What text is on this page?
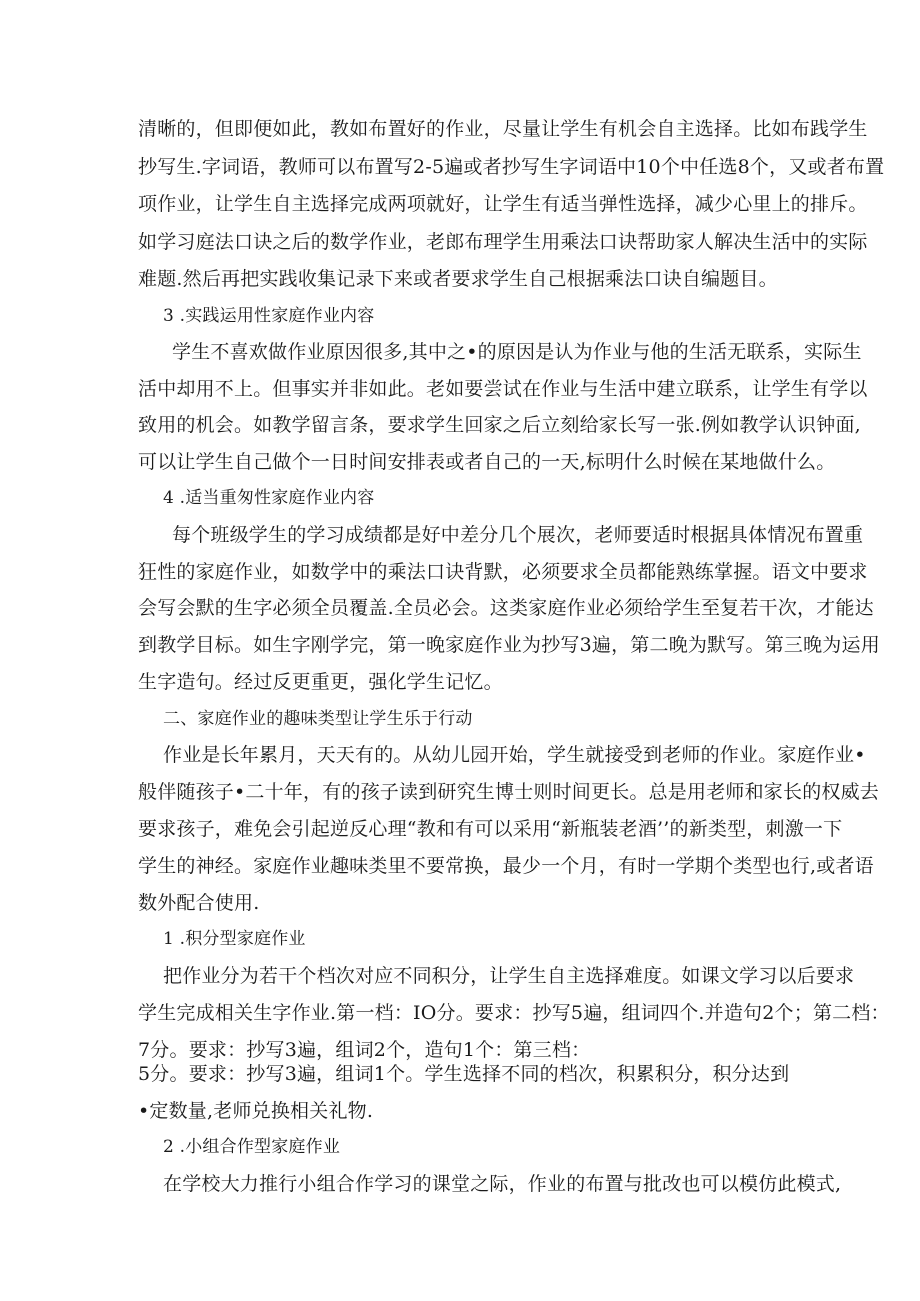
清晰的，但即便如此，教如布置好的作业，尽量让学生有机会自主选择。比如布践学生
抄写生.字词语，教师可以布置写2-5遍或者抄写生字词语中10个中任选8个，又或者布置
项作业，让学生自主选择完成两项就好，让学生有适当弹性选择，减少心里上的排斥。
如学习庭法口诀之后的数学作业，老郎布理学生用乘法口诀帮助家人解决生活中的实际
难题.然后再把实践收集记录下来或者要求学生自己根据乘法口诀自编题目。
3 .实践运用性家庭作业内容
学生不喜欢做作业原因很多,其中之•的原因是认为作业与他的生活无联系，实际生
活中却用不上。但事实并非如此。老如要尝试在作业与生活中建立联系，让学生有学以
致用的机会。如教学留言条，要求学生回家之后立刻给家长写一张.例如教学认识钟面,
可以让学生自己做个一日时间安排表或者自己的一天,标明什么时候在某地做什么。
4 .适当重匆性家庭作业内容
每个班级学生的学习成绩都是好中差分几个展次，老师要适时根据具体情况布置重
狂性的家庭作业，如数学中的乘法口诀背默，必须要求全员都能熟练掌握。语文中要求
会写会默的生字必须全员覆盖.全员必会。这类家庭作业必须给学生至复若干次，才能达
到教学目标。如生字刚学完，第一晚家庭作业为抄写3遍，第二晚为默写。第三晚为运用
生字造句。经过反更重更，强化学生记忆。
二、家庭作业的趣味类型让学生乐于行动
作业是长年累月，天天有的。从幼儿园开始，学生就接受到老师的作业。家庭作业•
般伴随孩子•二十年，有的孩子读到研究生博士则时间更长。总是用老师和家长的权威去
要求孩子，难免会引起逆反心理“教和有可以采用“新瓶装老酒’’的新类型，刺激一下
学生的神经。家庭作业趣味类里不要常换，最少一个月，有时一学期个类型也行,或者语
数外配合使用.
1 .积分型家庭作业
把作业分为若干个档次对应不同积分，让学生自主选择难度。如课文学习以后要求
学生完成相关生字作业.第一档：IO分。要求：抄写5遍，组词四个.并造句2个；第二档：
7分。要求：抄写3遍，组词2个，造句1个：第三档：
5分。要求：抄写3遍，组词1个。学生选择不同的档次，积累积分，积分达到
•定数量,老师兑换相关礼物.
2 .小组合作型家庭作业
在学校大力推行小组合作学习的课堂之际，作业的布置与批改也可以模仿此模式,
